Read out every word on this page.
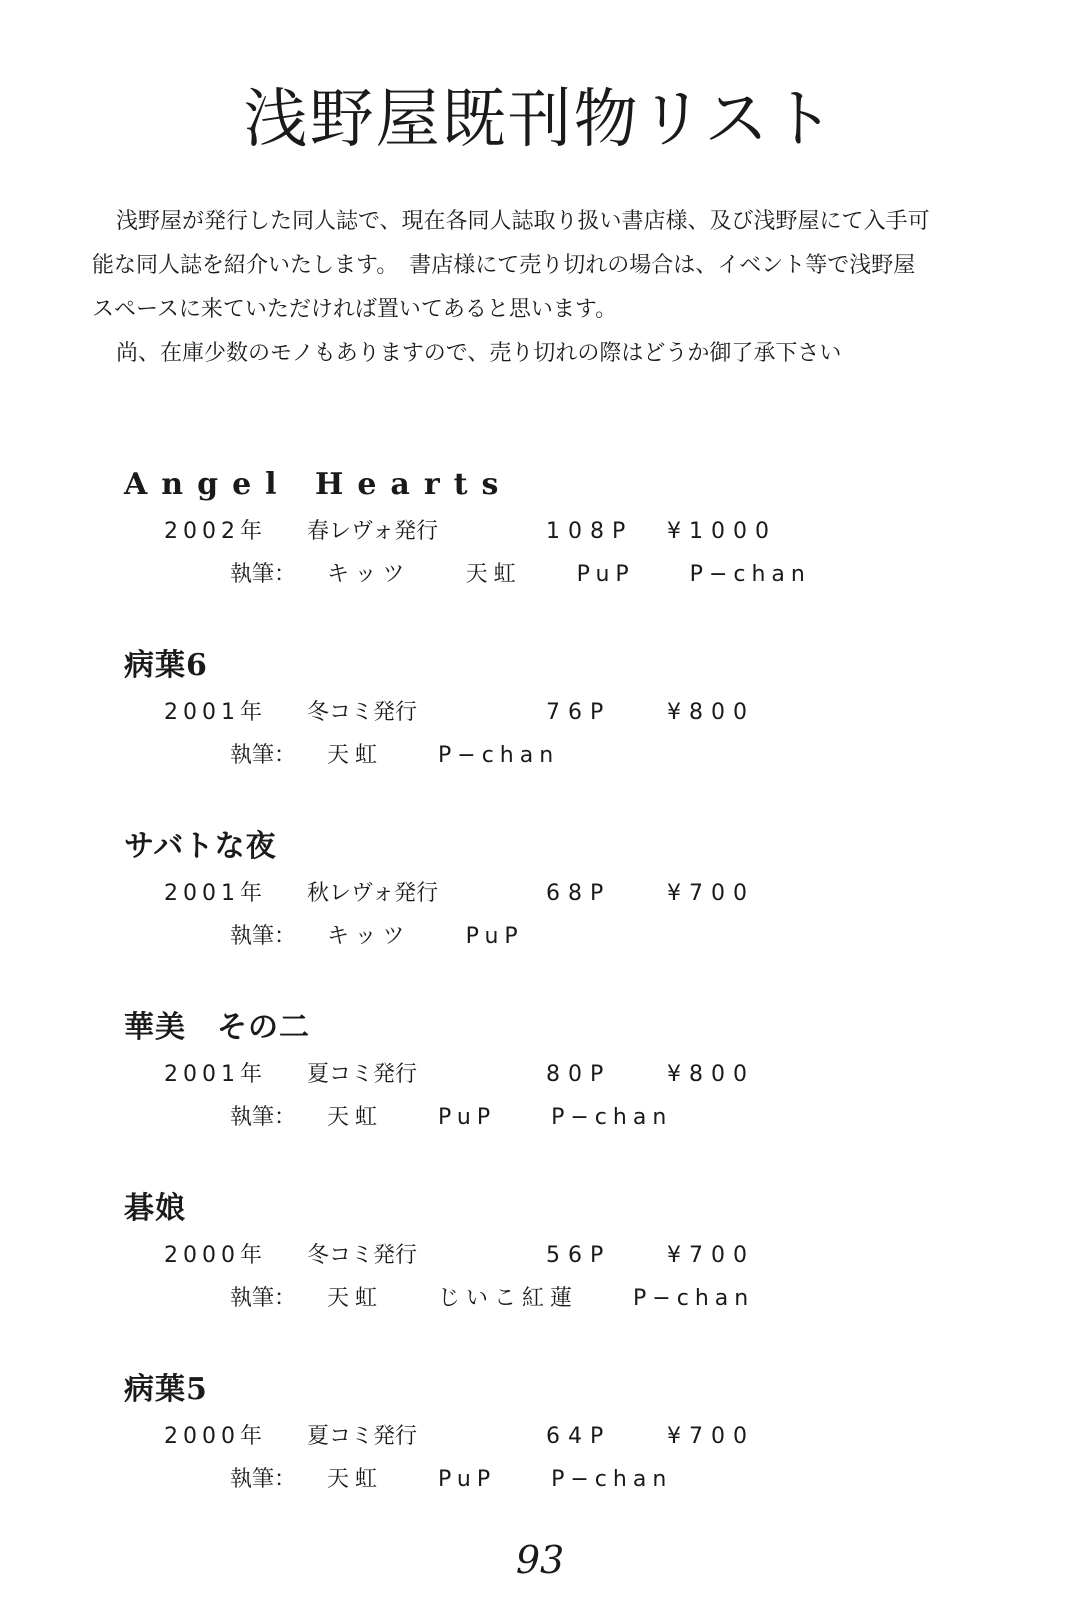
浅野屋既刊物リスト

浅野屋が発行した同人誌で、現在各同人誌取り扱い書店様、及び浅野屋にて入手可

能な同人誌を紹介いたします。　書店様にて売り切れの場合は、イベント等で浅野屋

スペースに来ていただければ置いてあると思います。

尚、在庫少数のモノもありますので、売り切れの際はどうか御了承下さい

Angel Hearts
2002年 春レヴォ発行	108P ¥1000
執筆： キッツ	天虹	PuP	P−chan
病葉6
2001年 冬コミ発行	76P	¥800
執筆： 天虹	P−chan
サバトな夜
2001年 秋レヴォ発行	68P	¥700
執筆： キッツ	PuP
華美　その二
2001年 夏コミ発行	80P	¥800
執筆： 天虹	PuP	P−chan
碁娘
2000年 冬コミ発行	56P	¥700
執筆： 天虹	じいこ紅蓮	P−chan
病葉5
2000年 夏コミ発行	64P	¥700
執筆： 天虹	PuP	P−chan
93
